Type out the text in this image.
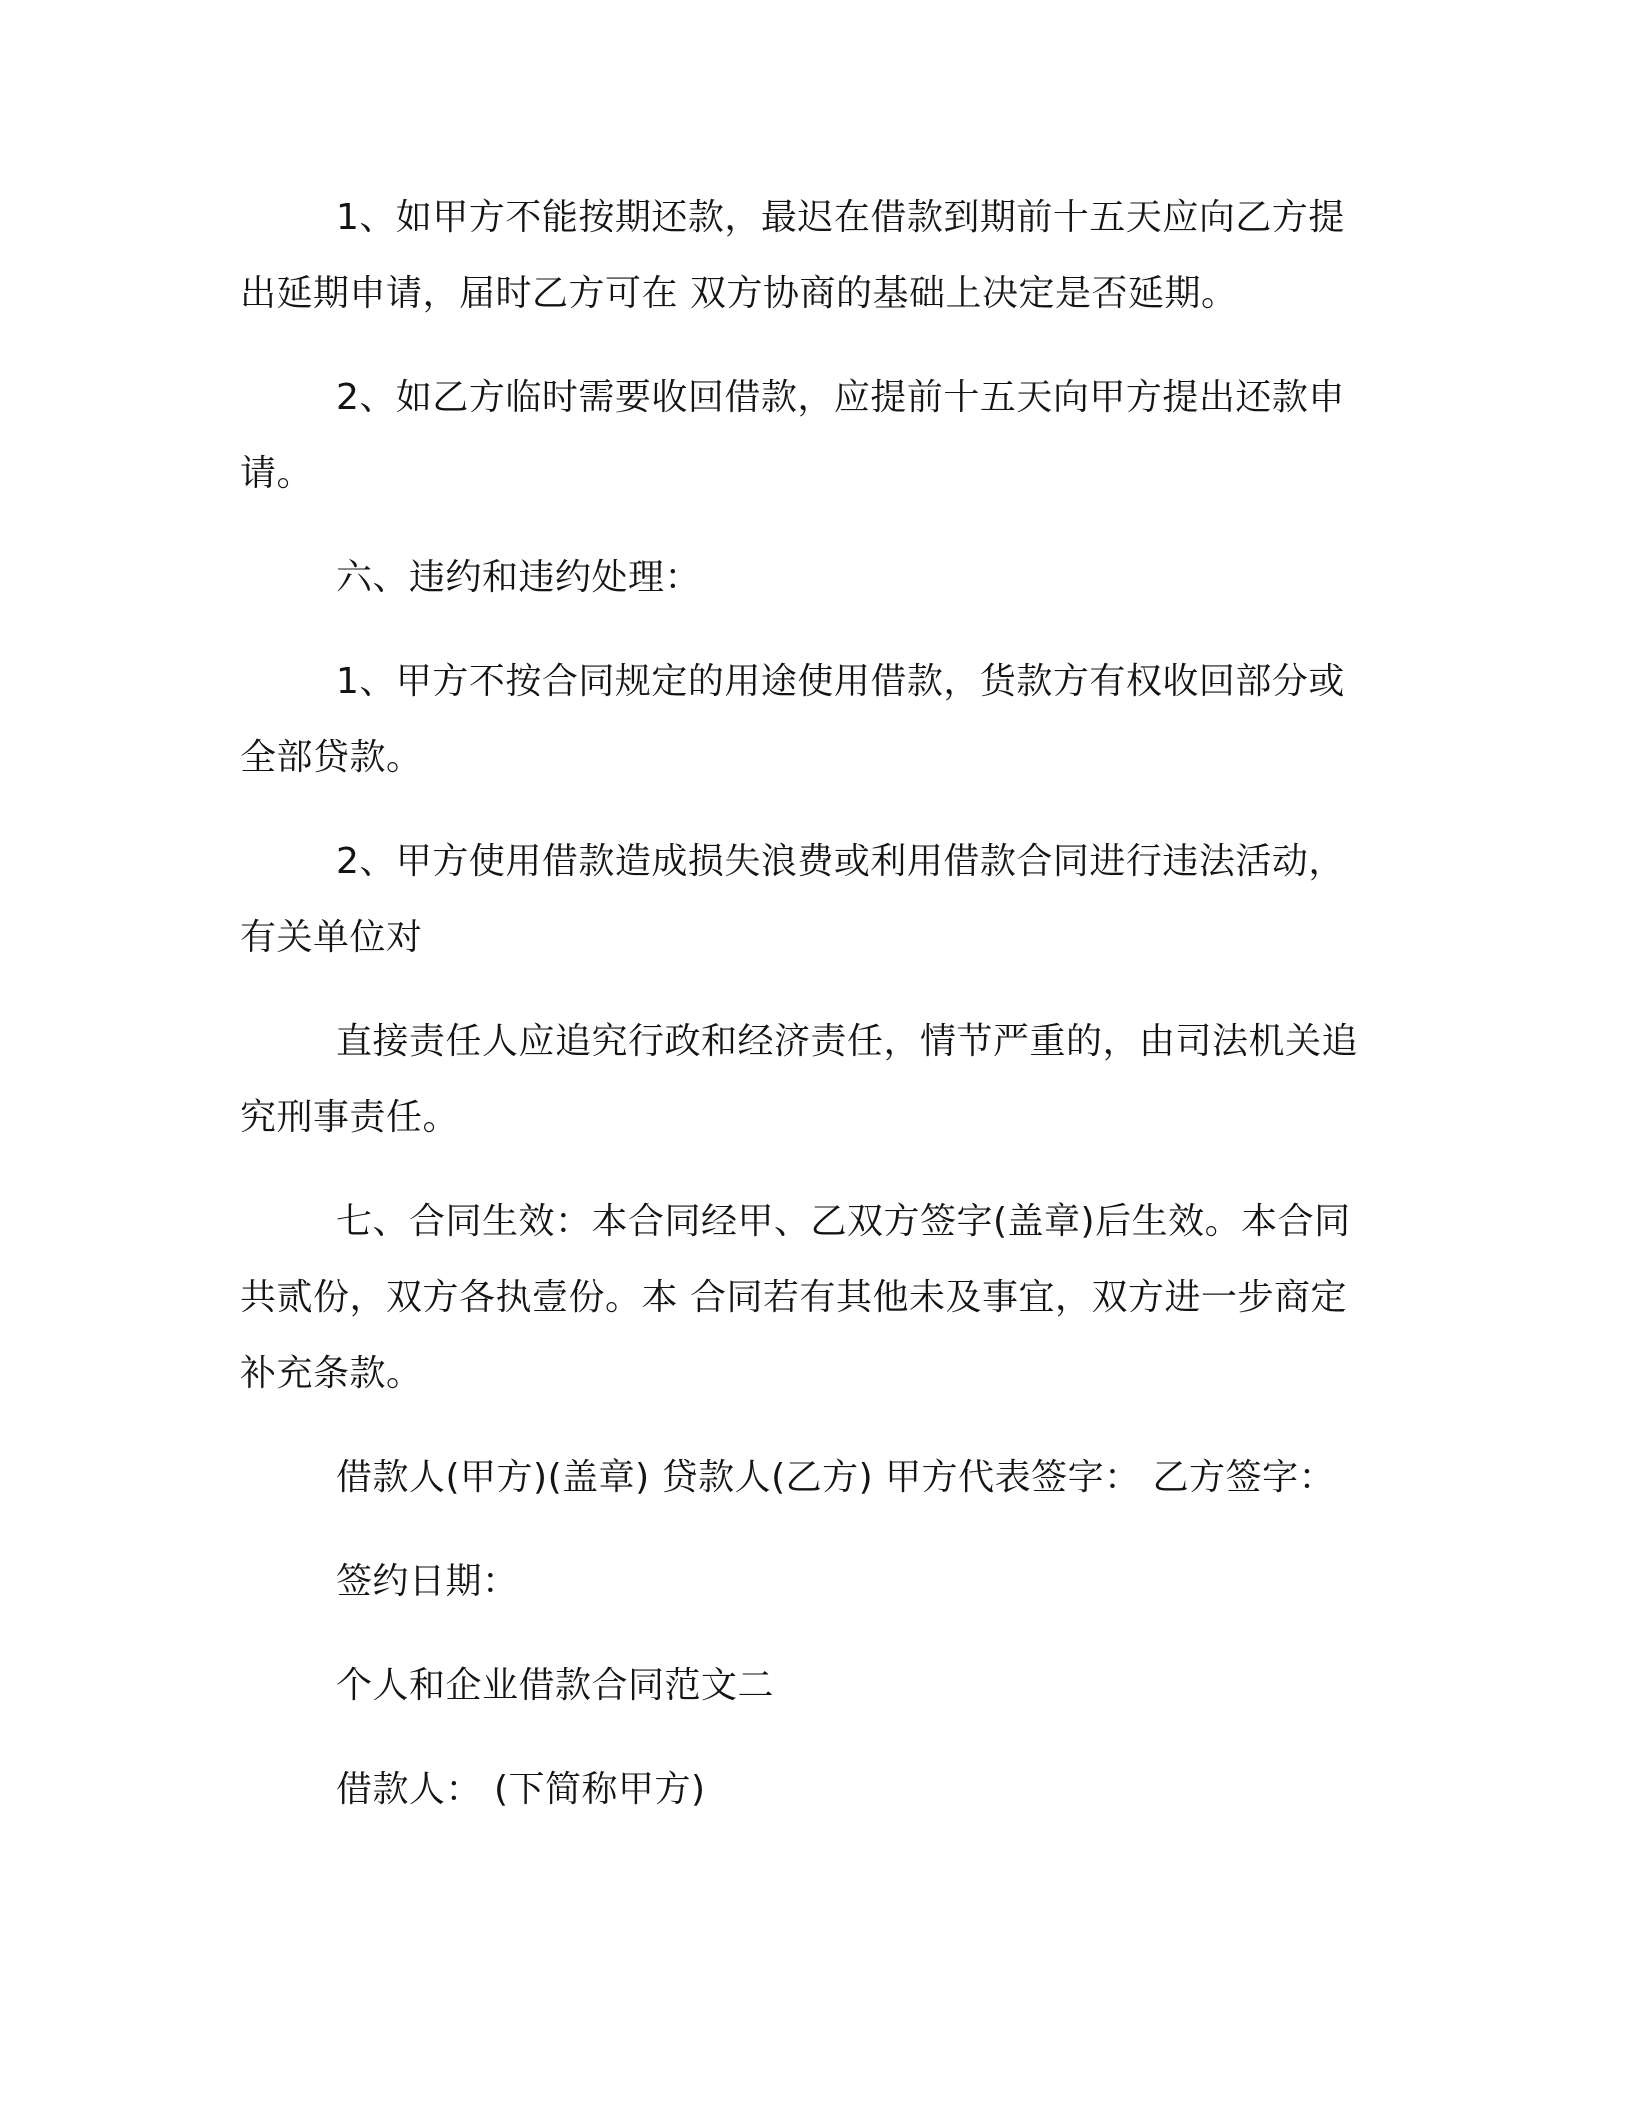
1、如甲方不能按期还款，最迟在借款到期前十五天应向乙方提
出延期申请，届时乙方可在 双方协商的基础上决定是否延期。

2、如乙方临时需要收回借款，应提前十五天向甲方提出还款申
请。

六、违约和违约处理：

1、甲方不按合同规定的用途使用借款，货款方有权收回部分或
全部贷款。

2、甲方使用借款造成损失浪费或利用借款合同进行违法活动，
有关单位对

直接责任人应追究行政和经济责任，情节严重的，由司法机关追
究刑事责任。

七、合同生效：本合同经甲、乙双方签字(盖章)后生效。本合同
共贰份，双方各执壹份。本 合同若有其他未及事宜，双方进一步商定
补充条款。

借款人(甲方)(盖章) 贷款人(乙方) 甲方代表签字： 乙方签字：

签约日期：

个人和企业借款合同范文二

借款人： (下简称甲方)
